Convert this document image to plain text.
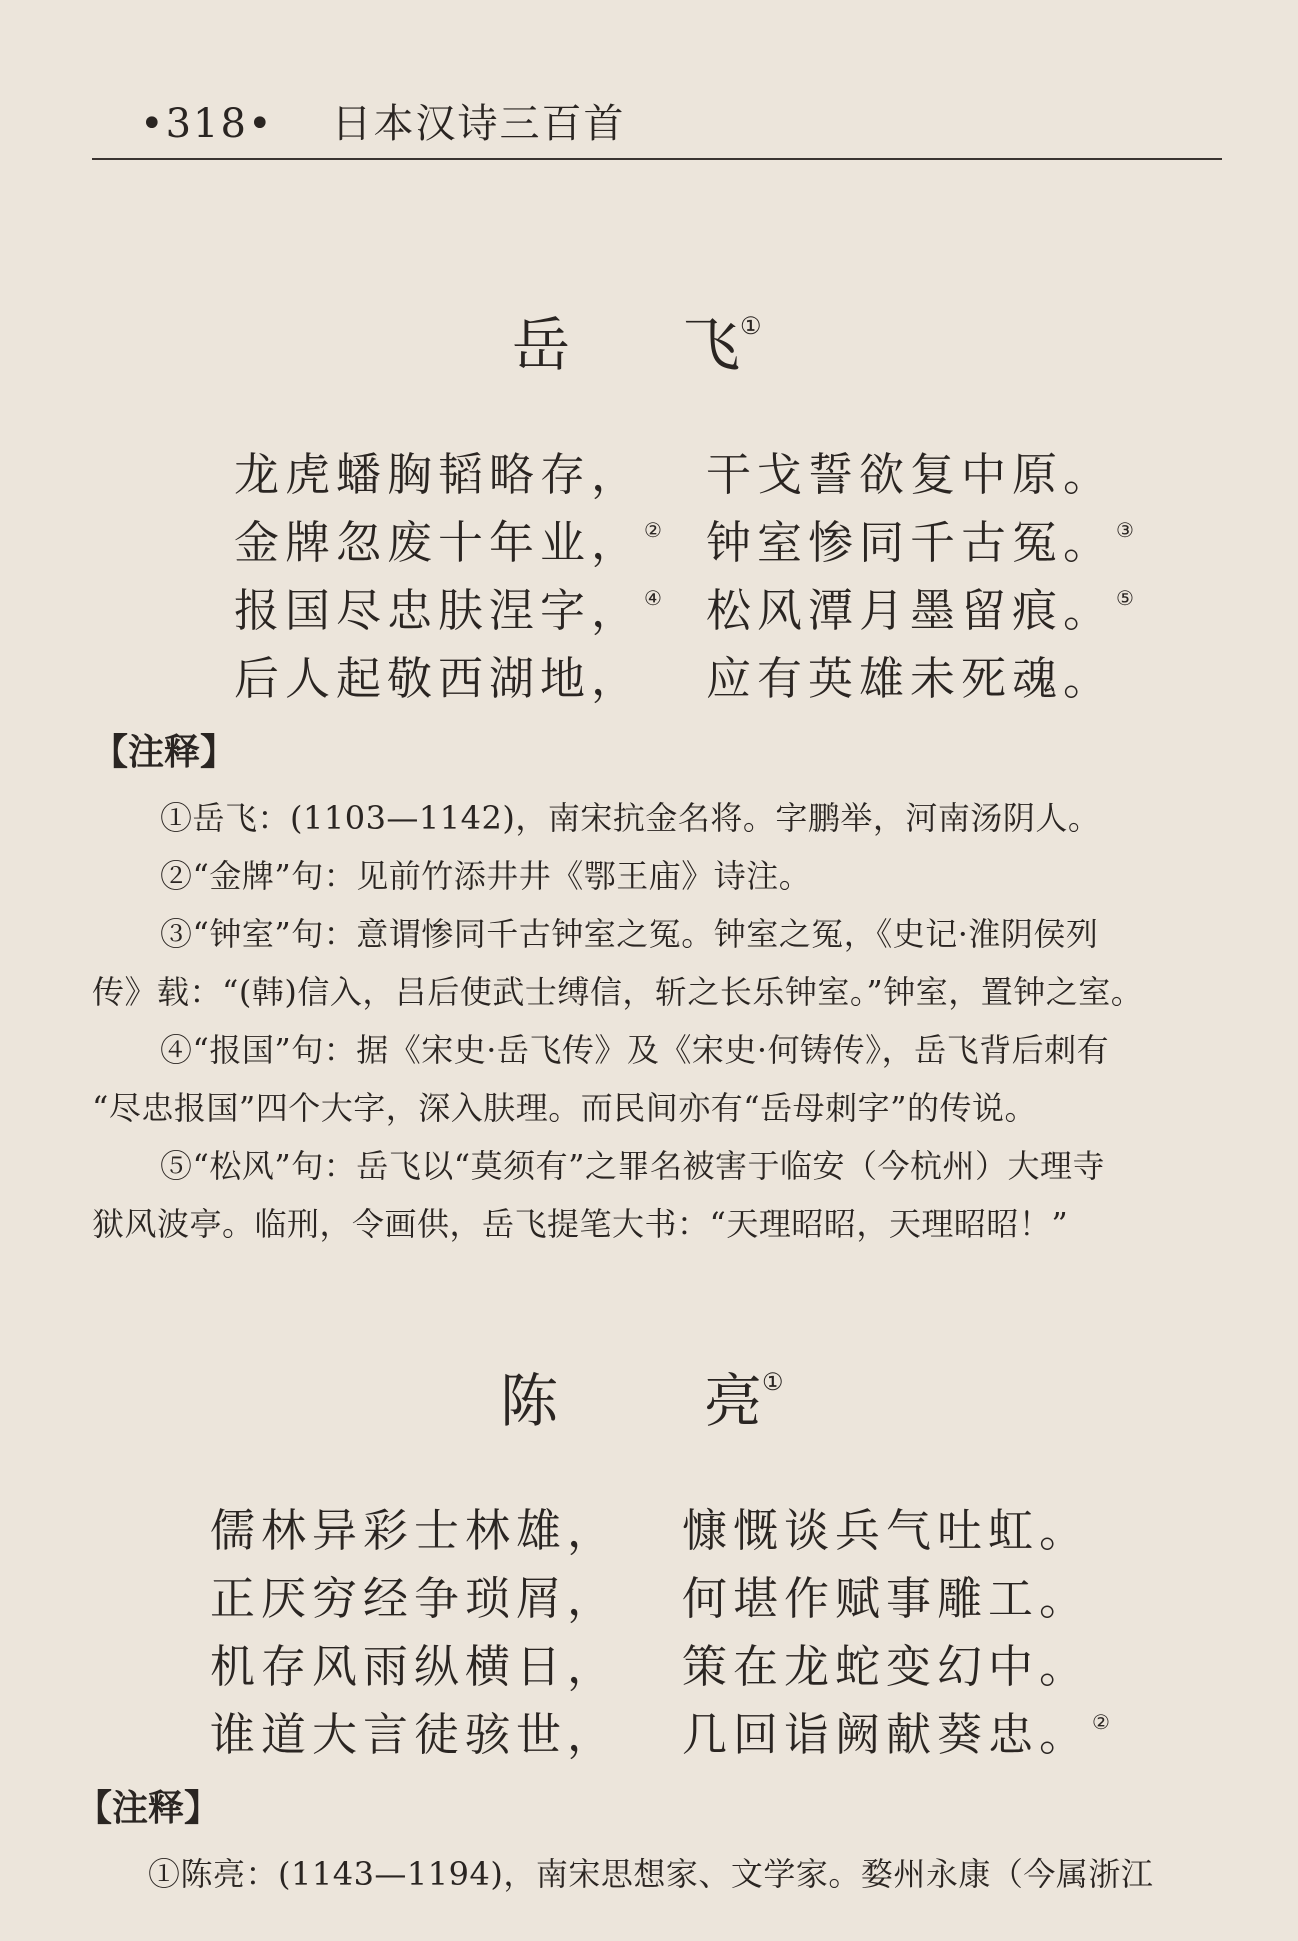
•318• 日本汉诗三百首
岳 飞①
龙虎蟠胸韬略存， 干戈誓欲复中原。
金牌忽废十年业， ② 钟室惨同千古冤。 ③
报国尽忠肤涅字， ④ 松风潭月墨留痕。 ⑤
后人起敬西湖地， 应有英雄未死魂。
【注释】
①岳飞：(1103—1142)，南宋抗金名将。字鹏举，河南汤阴人。
②“金牌”句：见前竹添井井《鄂王庙》诗注。
③“钟室”句：意谓惨同千古钟室之冤。钟室之冤，《史记·淮阴侯列
传》载：“(韩)信入，吕后使武士缚信，斩之长乐钟室。”钟室，置钟之室。
④“报国”句：据《宋史·岳飞传》及《宋史·何铸传》，岳飞背后刺有
“尽忠报国”四个大字，深入肤理。而民间亦有“岳母刺字”的传说。
⑤“松风”句：岳飞以“莫须有”之罪名被害于临安（今杭州）大理寺
狱风波亭。临刑，令画供，岳飞提笔大书：“天理昭昭，天理昭昭！”
陈	亮①
儒林异彩士林雄， 慷慨谈兵气吐虹。
正厌穷经争琐屑， 何堪作赋事雕工。
机存风雨纵横日， 策在龙蛇变幻中。
谁道大言徒骇世， 几回诣阙献葵忠。 ②
【注释】
①陈亮：(1143—1194)，南宋思想家、文学家。婺州永康（今属浙江
